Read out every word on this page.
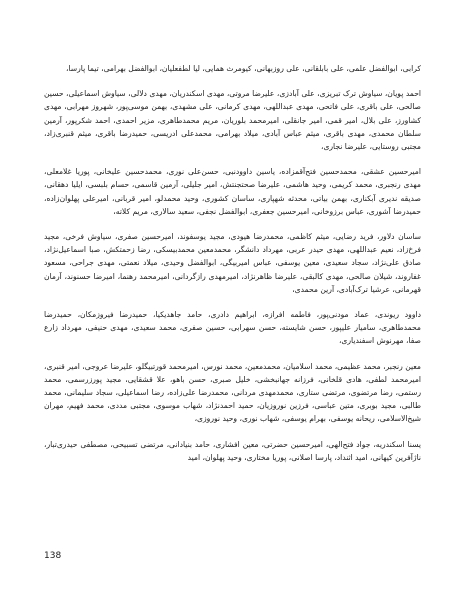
کرابی، ابوالفضل علمی، علی بابلقانی، علی روزبهانی، کیومرث همایی، لیا لطفعلیان، ابوالفضل بهرامی، تیما پارسا،

احمد پویان، سیاوش ترک تبریزی، علی آبادزی، علیرضا مروتی، مهدی اسکندریان، مهدی دلالی، سیاوش اسماعیلی، حسین صالحی، علی باقری، علی فاتحی، مهدی عبداللهی، مهدی کرمانی، علی مشهدی، بهمن موسی‌پور، شهروز مهرابی، مهدی کشاورز، علی بلال، امیر قمی، امیر جانقلی، امیرمحمد بلوریان، مریم محمدطاهری، مزیر احمدی، احمد شکرپور، آرمین سلطان محمدی، مهدی باقری، میثم عباس آبادی، میلاد بهرامی، محمدعلی ادریسی، حمیدرضا باقری، میثم قنبری‌زاد، مجتبی روستایی، علیرضا نجاری،

امیرحسین عشقی، محمدحسین فتح‌آقمزاده، یاسین داوودنبی، حسن‌علی نوری، محمدحسین علیخانی، پوریا غلامعلی، مهدی رنجبری، محمد کریمی، وحید هاشمی، علیرضا صحتجنتش، امیر جلیلی، آرمین قاسمی، حسام بلبسی، ایلیا دهقانی، صدیقه ندیری آبکناری، بهمن بیاتی، محدثه شهپاری، ساسان کشوری، وحید محمدلو، امیر قربانی، امیرعلی پهلوان‌زاده، حمیدرضا آشوری، عباس برزوخانی، امیرحسین جعفری، ابوالفضل نجفی، سعید سالاری، مریم کلاته،

ساسان دلاور، فرید رضایی، میثم کاظمی، محمدرضا هیودی، مجید یوسفوند، امیرحسین صفری، سیاوش فرخی، مجید فرخ‌زاد، نعیم عبداللهی، مهدی حیدر عربی، مهرداد دانشگر، محمدمعین محمدبیسکی، رضا زحمتکش، صبا اسماعیل‌نژاد، صادق علی‌نژاد، سجاد سعیدی، معین یوسفی، عباس امیربیگی، ابوالفضل وحیدی، میلاد نعمتی، مهدی جراحی، مسعود غفاروند، شیلان صالحی، مهدی کالبقی، علیرضا ظاهرنژاد، امیرمهدی رازگردانی، امیرمحمد رهنما، امیرضا حسنوند، آرمان قهرمانی، عرشیا ترک‌آبادی، آرین محمدی،

داوود ریوندی، عماد مودنی‌پور، فاطمه افرازه، ابراهیم دادری، حامد جاهدیکیا، حمیدرضا فیروزمکان، حمیدرضا محمدطاهری، سامیار علیپور، حسن شایسته، حسن سهرابی، حسین صفری، محمد سعیدی، مهدی حنیفی، مهرداد زارع صفا، مهرنوش اسفندیاری،

معین رنجبر، محمد عظیمی، محمد اسلامیان، محمدمعین، محمد نورس، امیرمحمد قورتبیگلو، علیرضا عروجی، امیر قنبری، امیرمحمد لطفی، هادی قلخانی، فرزانه جهانبخشی، خلیل صبری، حسن باهو، علا قشقایی، مجید پورزرسمی، محمد رستمی، رضا مرتضوی، مرتضی ستاری، محمدمهدی مردانی، محمدرضا علی‌زاده، رضا اسماعیلی، سجاد سلیمانی، محمد طالبی، مجید بوبری، متین عباسی، فرزین نوروزیان، حمید احمدنژاد، شهاب موسوی، مجتبی مددی، محمد فهیم، مهران شیخ‌الاسلامی، ریحانه یوسفی، بهرام یوسفی، شهاب نوری، وحید نوروزی،

یسنا اسکندریه، جواد فتح‌الهی، امیرحسین حضرتی، معین افشاری، حامد بنیادانی، مرتضی تسبیحی، مصطفی حیدری‌تبار، ناژآفرین کیهانی، امید اثنداد، پارسا اصلانی، پوریا مختاری، وحید پهلوان، امید

138
